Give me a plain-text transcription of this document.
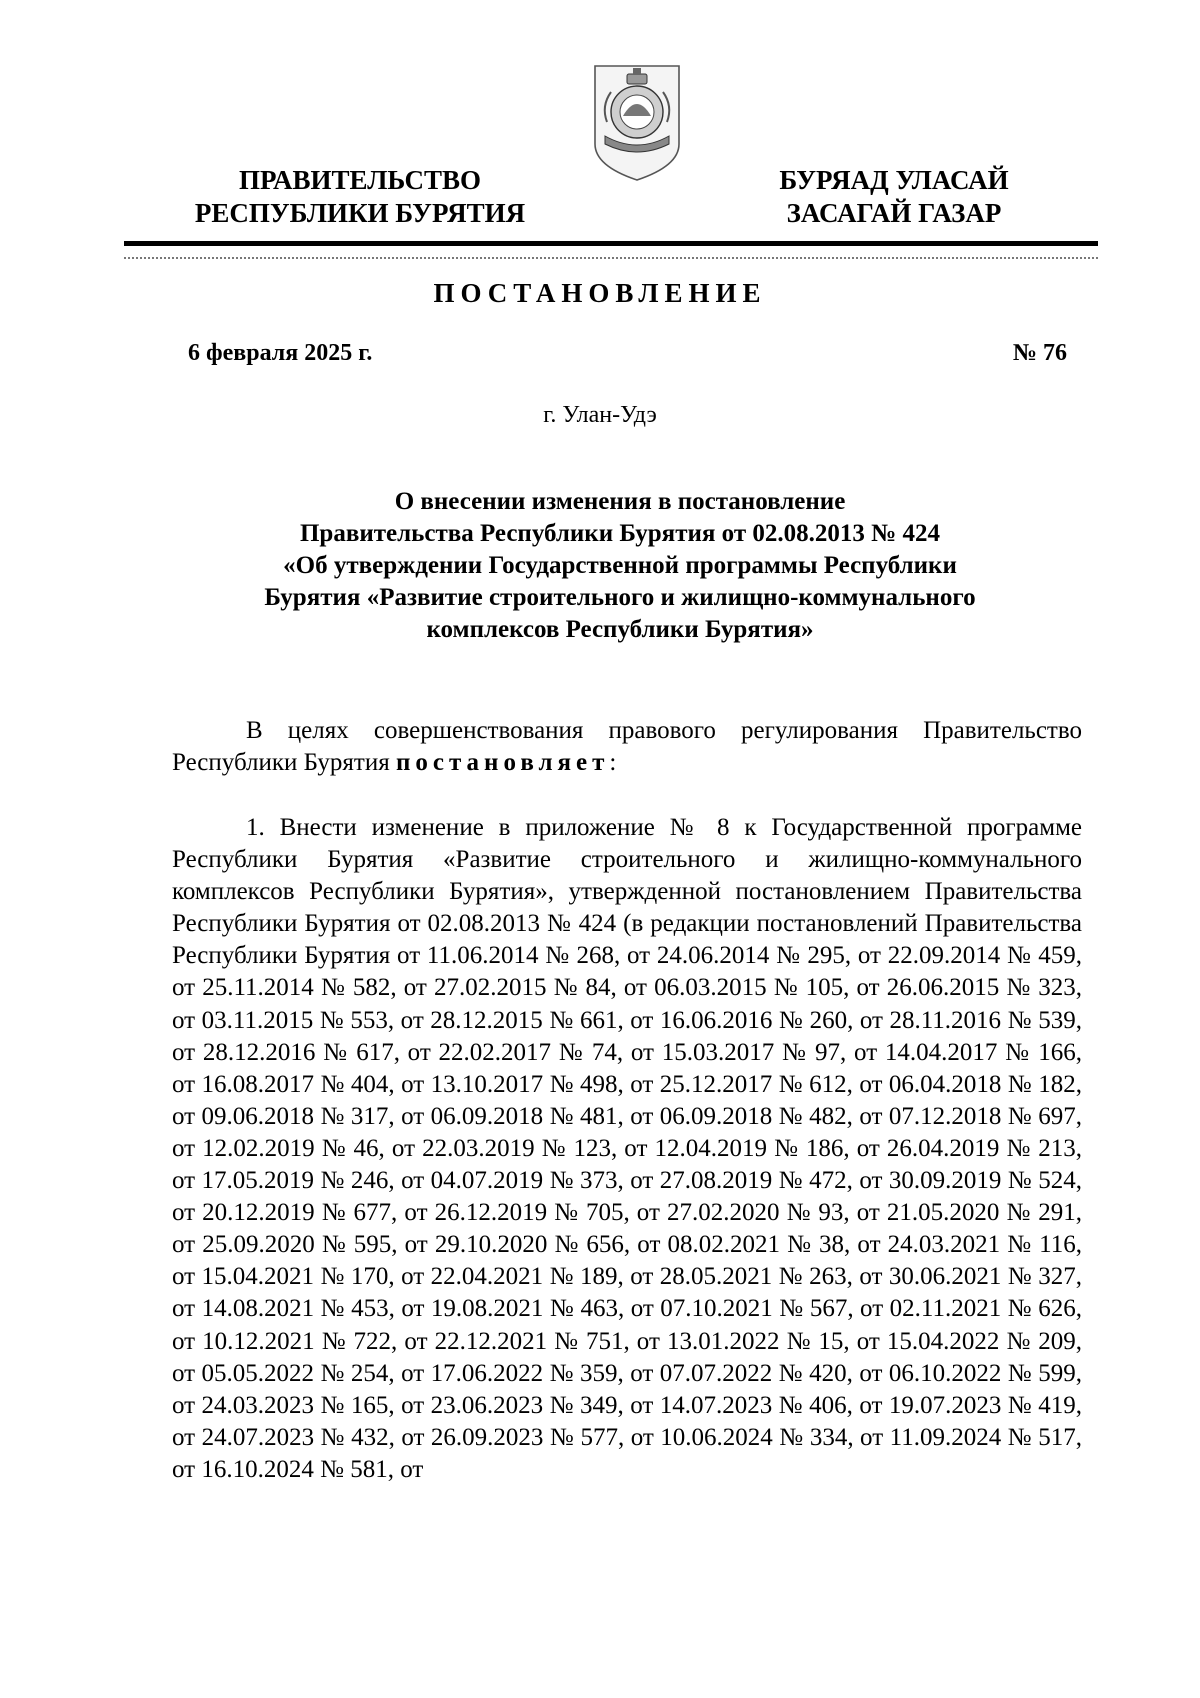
ПРАВИТЕЛЬСТВО
РЕСПУБЛИКИ БУРЯТИЯ
БУРЯАД УЛАСАЙ
ЗАСАГАЙ ГАЗАР
ПОСТАНОВЛЕНИЕ
6 февраля 2025 г.	№ 76
г. Улан-Удэ
О внесении изменения в постановление
Правительства Республики Бурятия от 02.08.2013 № 424
«Об утверждении Государственной программы Республики
Бурятия «Развитие строительного и жилищно-коммунального
комплексов Республики Бурятия»

В целях совершенствования правового регулирования Правительство Республики Бурятия постановляет:

1. Внести изменение в приложение № 8 к Государственной программе Республики Бурятия «Развитие строительного и жилищно-коммунального комплексов Республики Бурятия», утвержденной постановлением Правительства Республики Бурятия от 02.08.2013 № 424 (в редакции постановлений Правительства Республики Бурятия от 11.06.2014 № 268, от 24.06.2014 № 295, от 22.09.2014 № 459, от 25.11.2014 № 582, от 27.02.2015 № 84, от 06.03.2015 № 105, от 26.06.2015 № 323, от 03.11.2015 № 553, от 28.12.2015 № 661, от 16.06.2016 № 260, от 28.11.2016 № 539, от 28.12.2016 № 617, от 22.02.2017 № 74, от 15.03.2017 № 97, от 14.04.2017 № 166, от 16.08.2017 № 404, от 13.10.2017 № 498, от 25.12.2017 № 612, от 06.04.2018 № 182, от 09.06.2018 № 317, от 06.09.2018 № 481, от 06.09.2018 № 482, от 07.12.2018 № 697, от 12.02.2019 № 46, от 22.03.2019 № 123, от 12.04.2019 № 186, от 26.04.2019 № 213, от 17.05.2019 № 246, от 04.07.2019 № 373, от 27.08.2019 № 472, от 30.09.2019 № 524, от 20.12.2019 № 677, от 26.12.2019 № 705, от 27.02.2020 № 93, от 21.05.2020 № 291, от 25.09.2020 № 595, от 29.10.2020 № 656, от 08.02.2021 № 38, от 24.03.2021 № 116, от 15.04.2021 № 170, от 22.04.2021 № 189, от 28.05.2021 № 263, от 30.06.2021 № 327, от 14.08.2021 № 453, от 19.08.2021 № 463, от 07.10.2021 № 567, от 02.11.2021 № 626, от 10.12.2021 № 722, от 22.12.2021 № 751, от 13.01.2022 № 15, от 15.04.2022 № 209, от 05.05.2022 № 254, от 17.06.2022 № 359, от 07.07.2022 № 420, от 06.10.2022 № 599, от 24.03.2023 № 165, от 23.06.2023 № 349, от 14.07.2023 № 406, от 19.07.2023 № 419, от 24.07.2023 № 432, от 26.09.2023 № 577, от 10.06.2024 № 334, от 11.09.2024 № 517, от 16.10.2024 № 581, от
